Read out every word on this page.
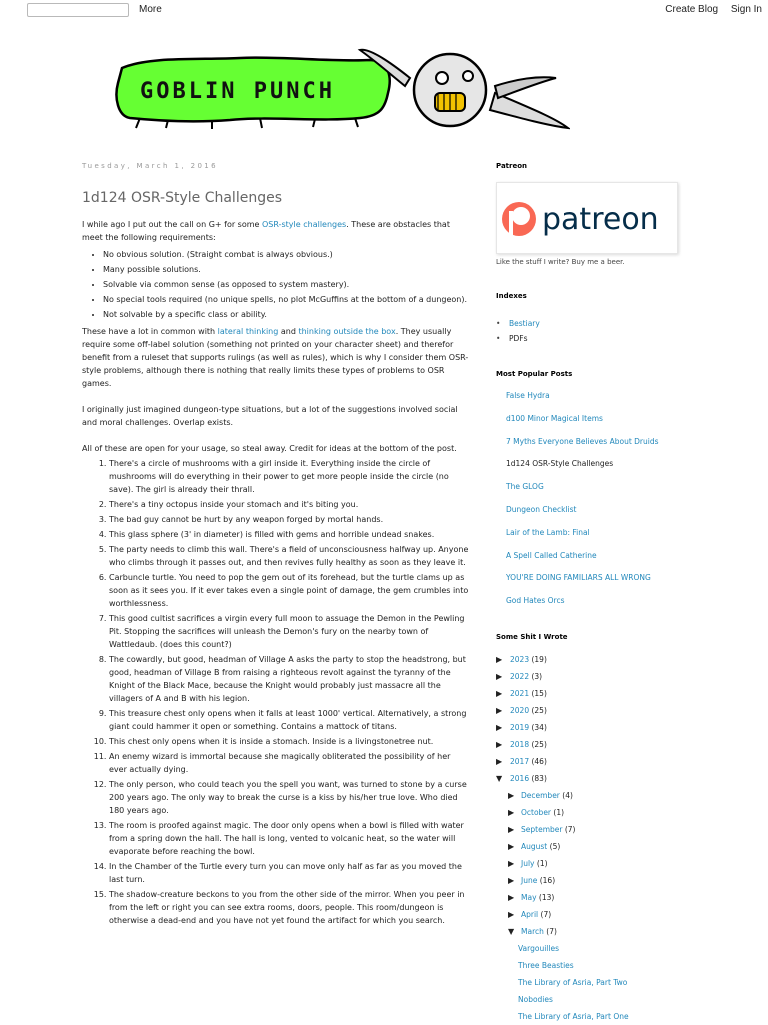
More	Create Blog Sign In
GOBLIN PUNCH
Tuesday, March 1, 2016
1d124 OSR-Style Challenges

I while ago I put out the call on G+ for some OSR-style challenges. These are obstacles that meet the following requirements:

• No obvious solution. (Straight combat is always obvious.)
• Many possible solutions.
• Solvable via common sense (as opposed to system mastery).
• No special tools required (no unique spells, no plot McGuffins at the bottom of a dungeon).
• Not solvable by a specific class or ability.

These have a lot in common with lateral thinking and thinking outside the box. They usually require some off-label solution (something not printed on your character sheet) and therefor benefit from a ruleset that supports rulings (as well as rules), which is why I consider them OSR-style problems, although there is nothing that really limits these types of problems to OSR games.

I originally just imagined dungeon-type situations, but a lot of the suggestions involved social and moral challenges. Overlap exists.

All of these are open for your usage, so steal away. Credit for ideas at the bottom of the post.

1. There's a circle of mushrooms with a girl inside it. Everything inside the circle of mushrooms will do everything in their power to get more people inside the circle (no save). The girl is already their thrall.
2. There's a tiny octopus inside your stomach and it's biting you.
3. The bad guy cannot be hurt by any weapon forged by mortal hands.
4. This glass sphere (3' in diameter) is filled with gems and horrible undead snakes.
5. The party needs to climb this wall. There's a field of unconsciousness halfway up. Anyone who climbs through it passes out, and then revives fully healthy as soon as they leave it.
6. Carbuncle turtle. You need to pop the gem out of its forehead, but the turtle clams up as soon as it sees you. If it ever takes even a single point of damage, the gem crumbles into worthlessness.
7. This good cultist sacrifices a virgin every full moon to assuage the Demon in the Pewling Pit. Stopping the sacrifices will unleash the Demon's fury on the nearby town of Wattledaub. (does this count?)
8. The cowardly, but good, headman of Village A asks the party to stop the headstrong, but good, headman of Village B from raising a righteous revolt against the tyranny of the Knight of the Black Mace, because the Knight would probably just massacre all the villagers of A and B with his legion.
9. This treasure chest only opens when it falls at least 1000' vertical. Alternatively, a strong giant could hammer it open or something. Contains a mattock of titans.
10. This chest only opens when it is inside a stomach. Inside is a livingstonetree nut.
11. An enemy wizard is immortal because she magically obliterated the possibility of her ever actually dying.
12. The only person, who could teach you the spell you want, was turned to stone by a curse 200 years ago. The only way to break the curse is a kiss by his/her true love. Who died 180 years ago.
13. The room is proofed against magic. The door only opens when a bowl is filled with water from a spring down the hall. The hall is long, vented to volcanic heat, so the water will evaporate before reaching the bowl.
14. In the Chamber of the Turtle every turn you can move only half as far as you moved the last turn.
15. The shadow-creature beckons to you from the other side of the mirror. When you peer in from the left or right you can see extra rooms, doors, people. This room/dungeon is otherwise a dead-end and you have not yet found the artifact for which you search.
Patreon
patreon
Like the stuff I write? Buy me a beer.
Indexes
• Bestiary
• PDFs
Most Popular Posts
False Hydra
d100 Minor Magical Items
7 Myths Everyone Believes About Druids
1d124 OSR-Style Challenges
The GLOG
Dungeon Checklist
Lair of the Lamb: Final
A Spell Called Catherine
YOU'RE DOING FAMILIARS ALL WRONG
God Hates Orcs
Some Shit I Wrote
▶ 2023 (19)
▶ 2022 (3)
▶ 2021 (15)
▶ 2020 (25)
▶ 2019 (34)
▶ 2018 (25)
▶ 2017 (46)
▼ 2016 (83)
▶ December (4)
▶ October (1)
▶ September (7)
▶ August (5)
▶ July (1)
▶ June (16)
▶ May (13)
▶ April (7)
▼ March (7)
Vargouilles
Three Beasties
The Library of Asria, Part Two
Nobodies
The Library of Asria, Part One
